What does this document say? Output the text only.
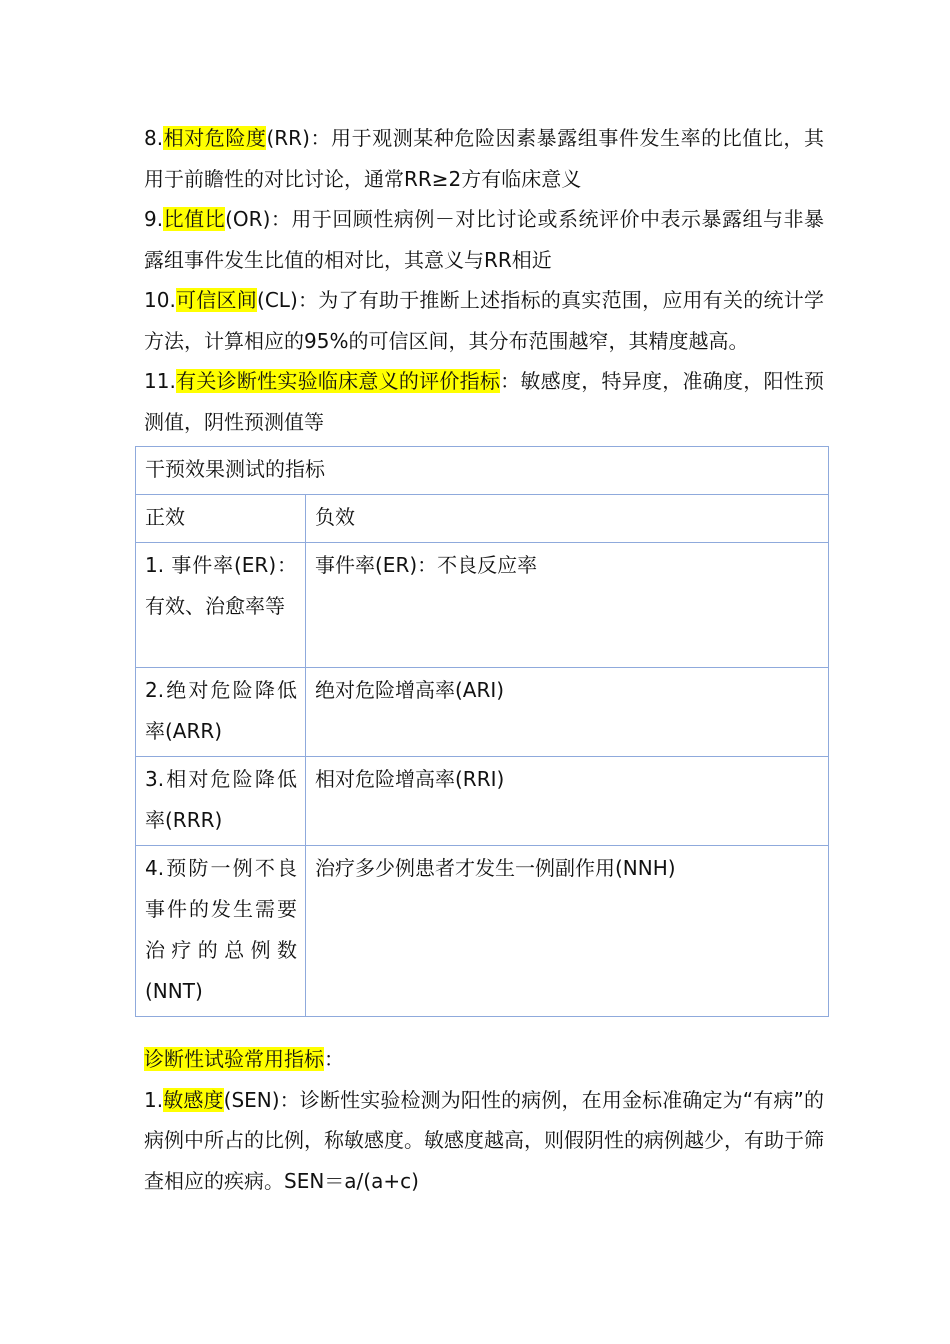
8.相对危险度(RR)：用于观测某种危险因素暴露组事件发生率的比值比，其用于前瞻性的对比讨论，通常RR≥2方有临床意义

9.比值比(OR)：用于回顾性病例－对比讨论或系统评价中表示暴露组与非暴露组事件发生比值的相对比，其意义与RR相近

10.可信区间(CL)：为了有助于推断上述指标的真实范围，应用有关的统计学方法，计算相应的95%的可信区间，其分布范围越窄，其精度越高。

11.有关诊断性实验临床意义的评价指标：敏感度，特异度，准确度，阳性预测值，阴性预测值等

干预效果测试的指标	
正效	负效
1. 事件率(ER)：有效、治愈率等	事件率(ER)：不良反应率
2.绝对危险降低率(ARR)	绝对危险增高率(ARI)
3.相对危险降低率(RRR)	相对危险增高率(RRI)
4.预防一例不良事件的发生需要治疗的总例数(NNT)	治疗多少例患者才发生一例副作用(NNH)

诊断性试验常用指标：

1.敏感度(SEN)：诊断性实验检测为阳性的病例，在用金标准确定为“有病”的病例中所占的比例，称敏感度。敏感度越高，则假阴性的病例越少，有助于筛查相应的疾病。SEN＝a/(a+c)
